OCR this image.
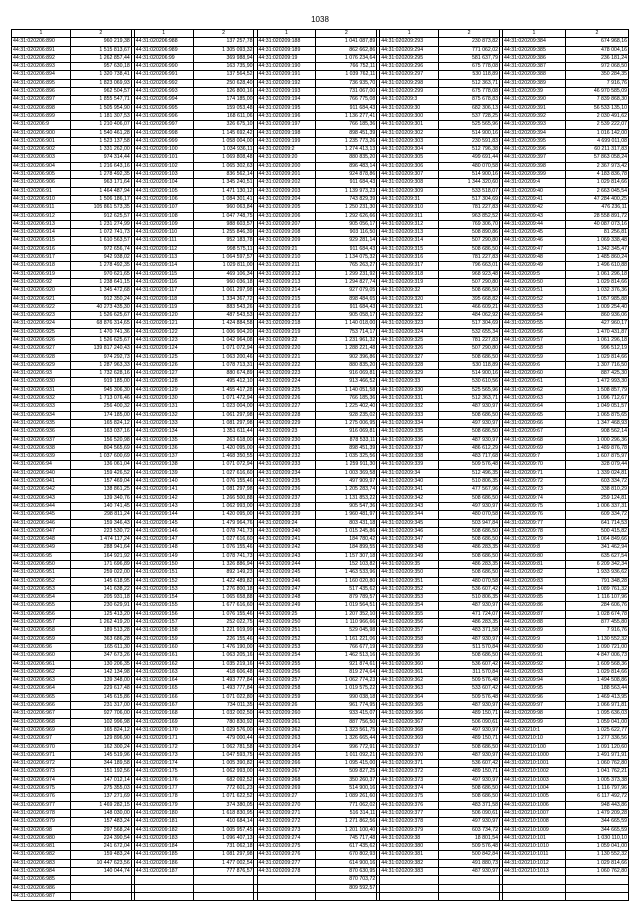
1038
1	2		1	2		1	2		1	2		1	2
44:31:020206:890	960 219,38		44:31:020206:988	137 257,78		44:31:020209:188	1 041 087,89		44:31:020209:293	230 873,82		44:31:020209:384	674 968,16
44:31:020206:891	1 515 813,67		44:31:020206:989	1 305 093,32		44:31:020209:189	862 662,86		44:31:020209:294	771 062,02		44:31:020209:385	478 004,16
44:31:020206:892	1 262 857,44		44:31:020206:99	369 988,94		44:31:020209:19	1 076 234,64		44:31:020209:295	581 637,79		44:31:020209:386	236 181,24
44:31:020206:893	957 630,18		44:31:020206:990	163 735,90		44:31:020209:190	766 752,11		44:31:020209:296	675 778,08		44:31:020209:387	972 068,50
44:31:020206:894	1 320 738,41		44:31:020206:991	137 564,52		44:31:020209:191	1 039 762,11		44:31:020209:297	530 118,89		44:31:020209:388	350 284,35
44:31:020206:895	1 823 069,93		44:31:020206:992	250 628,40		44:31:020209:192	736 935,70		44:31:020209:298	512 363,71		44:31:020209:389	7 916,76
44:31:020206:896	962 504,57		44:31:020206:993	126 800,16		44:31:020209:193	731 067,00		44:31:020209:299	675 778,08		44:31:020209:39	46 970 585,09
44:31:020206:897	1 855 547,71		44:31:020206:994	174 185,00		44:31:020209:194	766 775,08		44:31:020209:3	875 678,83		44:31:020209:390	7 839 868,30
44:31:020206:898	1 505 954,90		44:31:020206:995	159 053,48		44:31:020209:195	911 684,43		44:31:020209:30	682 306,13		44:31:020209:391	56 533 135,10
44:31:020206:899	1 181 307,53		44:31:020206:996	168 611,06		44:31:020209:196	1 136 277,41		44:31:020209:300	537 728,25		44:31:020209:392	2 030 491,62
44:31:020206:9	1 210 406,07		44:31:020206:997	326 675,10		44:31:020209:197	766 185,36		44:31:020209:301	525 565,96		44:31:020209:393	2 539 222,07
44:31:020206:900	1 540 461,28		44:31:020206:998	1 145 692,42		44:31:020209:198	898 451,39		44:31:020209:302	514 900,16		44:31:020209:394	1 016 142,00
44:31:020206:901	1 523 137,58		44:31:020206:999	1 058 004,00		44:31:020209:199	1 235 773,26		44:31:020209:303	230 591,83		44:31:020209:395	4 699 011,08
44:31:020206:902	1 331 262,00		44:31:020209:100	1 034 936,11		44:31:020209:2	1 274 413,13		44:31:020209:304	512 796,38		44:31:020209:396	60 211 317,83
44:31:020206:903	974 314,44		44:31:020209:101	1 069 808,48		44:31:020209:20	880 835,20		44:31:020209:305	499 691,44		44:31:020209:397	57 863 058,24
44:31:020206:904	1 216 643,16		44:31:020209:102	1 065 302,63		44:31:020209:200	896 483,14		44:31:020209:306	480 070,58		44:31:020209:398	2 367 973,42
44:31:020206:905	1 278 492,35		44:31:020209:103	836 562,14		44:31:020209:201	924 878,86		44:31:020209:307	514 900,16		44:31:020209:399	4 183 836,78
44:31:020206:906	963 171,64		44:31:020209:104	1 345 240,51		44:31:020209:202	911 684,43		44:31:020209:308	1 344 320,60		44:31:020209:4	1 029 814,66
44:31:020206:91	1 464 487,94		44:31:020209:105	1 471 130,12		44:31:020209:203	1 139 973,23		44:31:020209:309	533 518,07		44:31:020209:40	2 663 045,54
44:31:020206:910	1 506 186,17		44:31:020209:106	1 084 301,41		44:31:020209:204	743 829,39		44:31:020209:31	517 304,69		44:31:020209:41	47 284 400,25
44:31:020206:911	105 861 573,35		44:31:020209:107	960 063,84		44:31:020209:205	1 250 231,30		44:31:020209:310	781 227,83		44:31:020209:42	476 236,11
44:31:020206:912	912 625,57		44:31:020209:108	1 047 748,75		44:31:020209:206	1 292 626,66		44:31:020209:311	963 852,52		44:31:020209:43	28 558 891,72
44:31:020206:913	1 231 274,99		44:31:020209:109	988 603,57		44:31:020209:207	905 056,17		44:31:020209:312	769 306,70		44:31:020209:44	40 087 073,16
44:31:020206:914	1 072 741,73		44:31:020209:110	1 255 846,39		44:31:020209:208	903 116,50		44:31:020209:313	508 890,86		44:31:020209:45	81 256,81
44:31:020206:915	1 610 563,57		44:31:020209:111	952 183,78		44:31:020209:209	929 281,14		44:31:020209:314	507 290,80		44:31:020209:46	1 069 338,48
44:31:020206:916	972 656,74		44:31:020209:112	998 575,11		44:31:020209:21	911 684,43		44:31:020209:315	508 686,50		44:31:020209:47	1 342 345,47
44:31:020206:917	942 938,02		44:31:020209:113	1 064 597,57		44:31:020209:210	1 134 075,32		44:31:020209:316	781 227,83		44:31:020209:48	1 485 860,24
44:31:020206:918	1 278 492,35		44:31:020209:114	1 029 811,00		44:31:020209:211	765 263,27		44:31:020209:317	796 663,01		44:31:020209:49	1 496 610,88
44:31:020206:919	970 621,65		44:31:020209:115	469 106,34		44:31:020209:212	1 299 231,92		44:31:020209:318	968 923,48		44:31:020209:5	1 061 296,18
44:31:020206:92	1 238 641,15		44:31:020209:116	960 036,18		44:31:020209:213	1 294 827,74		44:31:020209:319	507 290,80		44:31:020209:50	1 029 814,66
44:31:020206:920	1 345 472,68		44:31:020209:117	1 061 297,98		44:31:020209:214	927 079,05		44:31:020209:32	508 686,50		44:31:020209:51	1 032 376,36
44:31:020206:921	912 350,24		44:31:020209:118	1 334 367,72		44:31:020209:215	898 484,65		44:31:020209:320	395 668,82		44:31:020209:52	1 057 985,88
44:31:020206:922	40 273 435,30		44:31:020209:119	883 543,26		44:31:020209:216	911 684,43		44:31:020209:321	466 609,21		44:31:020209:53	1 009 254,40
44:31:020206:923	1 526 625,67		44:31:020209:120	487 543,53		44:31:020209:217	905 058,17		44:31:020209:322	484 062,92		44:31:020209:54	860 936,06
44:31:020206:924	68 876 314,65		44:31:020209:121	1 424 884,58		44:31:020209:218	1 140 018,00		44:31:020209:323	517 304,69		44:31:020209:55	427 960,17
44:31:020206:925	1 470 741,36		44:31:020209:122	1 006 904,20		44:31:020209:219	753 714,17		44:31:020209:324	532 655,34		44:31:020209:56	1 470 431,87
44:31:020206:926	1 526 625,67		44:31:020209:123	1 042 964,08		44:31:020209:22	1 231 961,32		44:31:020209:325	781 227,83		44:31:020209:57	1 061 296,18
44:31:020206:927	139 817 240,43		44:31:020209:124	1 071 072,94		44:31:020209:220	1 288 221,48		44:31:020209:326	507 290,80		44:31:020209:58	996 512,19
44:31:020206:928	974 292,73		44:31:020209:125	1 063 200,46		44:31:020209:221	902 396,86		44:31:020209:327	508 686,50		44:31:020209:59	1 029 814,66
44:31:020206:929	1 287 963,33		44:31:020209:126	1 078 713,31		44:31:020209:222	880 835,20		44:31:020209:328	530 118,89		44:31:020209:6	1 307 716,50
44:31:020206:93	1 732 628,16		44:31:020209:127	880 674,89		44:31:020209:223	916 069,81		44:31:020209:329	514 900,16		44:31:020209:60	887 425,30
44:31:020206:930	919 185,00		44:31:020209:128	495 412,10		44:31:020209:224	913 466,52		44:31:020209:33	530 610,56		44:31:020209:61	1 472 993,30
44:31:020206:931	945 306,30		44:31:020209:129	1 455 417,28		44:31:020209:225	1 140 051,58		44:31:020209:330	525 565,96		44:31:020209:62	1 508 857,79
44:31:020206:932	1 713 076,46		44:31:020209:130	1 071 472,94		44:31:020209:226	766 185,36		44:31:020209:331	512 363,71		44:31:020209:63	1 096 712,67
44:31:020206:933	256 400,32		44:31:020209:131	1 023 004,00		44:31:020209:227	1 225 402,40		44:31:020209:332	487 930,97		44:31:020209:64	1 049 051,57
44:31:020206:934	174 185,00		44:31:020209:132	1 061 297,98		44:31:020209:228	928 235,02		44:31:020209:333	508 686,50		44:31:020209:65	1 065 875,65
44:31:020206:935	165 824,12		44:31:020209:133	1 081 297,98		44:31:020209:229	1 275 006,95		44:31:020209:334	497 930,97		44:31:020209:66	1 347 468,93
44:31:020206:936	163 037,16		44:31:020209:134	1 351 611,44		44:31:020209:23	916 069,81		44:31:020209:335	508 686,50		44:31:020209:67	908 562,14
44:31:020206:937	156 520,98		44:31:020209:135	263 618,00		44:31:020209:230	878 533,11		44:31:020209:336	487 930,97		44:31:020209:68	1 000 296,36
44:31:020206:938	804 565,69		44:31:020209:136	1 420 095,00		44:31:020209:231	898 451,39		44:31:020209:337	486 612,29		44:31:020209:69	1 489 876,78
44:31:020206:939	1 037 600,69		44:31:020209:137	1 468 350,55		44:31:020209:232	1 035 325,56		44:31:020209:338	483 717,68		44:31:020209:7	1 607 875,97
44:31:020206:94	136 061,04		44:31:020209:138	1 071 072,94		44:31:020209:233	1 259 911,30		44:31:020209:339	509 576,48		44:31:020209:70	328 079,44
44:31:020206:940	159 426,52		44:31:020209:139	1 027 616,60		44:31:020209:234	1 003 369,58		44:31:020209:34	512 496,35		44:31:020209:71	1 339 024,81
44:31:020206:941	157 469,04		44:31:020209:140	1 076 155,46		44:31:020209:235	497 909,97		44:31:020209:340	510 806,35		44:31:020209:72	603 334,72
44:31:020206:942	138 861,25		44:31:020209:141	1 081 297,98		44:31:020209:236	1 205 283,74		44:31:020209:341	477 567,96		44:31:020209:73	338 810,29
44:31:020206:943	139 340,76		44:31:020209:142	1 266 500,88		44:31:020209:237	1 131 853,22		44:31:020209:342	508 686,50		44:31:020209:74	259 124,81
44:31:020206:944	140 741,45		44:31:020209:143	1 062 993,00		44:31:020209:238	905 547,36		44:31:020209:343	497 930,97		44:31:020209:75	1 006 337,31
44:31:020206:945	298 811,24		44:31:020209:144	1 420 095,00		44:31:020209:239	1 960 481,97		44:31:020209:344	480 070,58		44:31:020209:76	609 334,72
44:31:020206:946	159 346,43		44:31:020209:145	1 479 964,76		44:31:020209:24	803 431,18		44:31:020209:345	503 947,84		44:31:020209:77	641 714,53
44:31:020206:947	223 530,72		44:31:020209:146	1 078 741,73		44:31:020209:240	1 015 245,86		44:31:020209:346	508 686,50		44:31:020209:78	500 415,82
44:31:020206:948	1 474 117,24		44:31:020209:147	1 027 616,60		44:31:020209:241	184 780,42		44:31:020209:347	508 686,50		44:31:020209:79	1 064 849,66
44:31:020206:949	288 941,64		44:31:020209:148	1 076 155,46		44:31:020209:242	184 899,55		44:31:020209:348	486 283,35		44:31:020209:8	341 462,94
44:31:020206:95	164 921,92		44:31:020209:149	1 078 741,73		44:31:020209:243	1 157 307,18		44:31:020209:349	508 686,50		44:31:020209:80	635 627,54
44:31:020206:950	171 696,89		44:31:020209:150	1 326 886,94		44:31:020209:244	152 103,82		44:31:020209:35	486 283,35		44:31:020209:81	6 209 342,34
44:31:020206:951	259 022,00		44:31:020209:151	892 149,23		44:31:020209:245	1 463 533,96		44:31:020209:350	508 686,50		44:31:020209:82	1 933 936,62
44:31:020206:952	145 618,95		44:31:020209:152	1 422 489,82		44:31:020209:246	1 160 020,80		44:31:020209:351	480 070,58		44:31:020209:83	791 348,28
44:31:020206:953	141 638,22		44:31:020209:153	1 276 800,18		44:31:020209:247	517 435,62		44:31:020209:352	536 607,42		44:31:020209:84	1 089 761,32
44:31:020206:954	205 931,18		44:31:020209:154	1 065 658,88		44:31:020209:248	879 789,57		44:31:020209:353	510 806,35		44:31:020209:85	1 116 107,96
44:31:020206:955	230 629,91		44:31:020209:155	1 677 616,60		44:31:020209:249	1 019 564,51		44:31:020209:354	487 930,97		44:31:020209:86	284 606,76
44:31:020206:956	125 413,20		44:31:020209:156	1 076 155,46		44:31:020209:25	1 207 352,10		44:31:020209:355	471 724,07		44:31:020209:87	1 028 674,78
44:31:020206:957	1 262 419,20		44:31:020209:157	252 022,75		44:31:020209:250	1 110 966,66		44:31:020209:356	486 283,35		44:31:020209:88	877 455,80
44:31:020206:958	189 513,28		44:31:020209:158	1 221 919,99		44:31:020209:251	529 045,98		44:31:020209:357	483 371,58		44:31:020209:89	7 916,76
44:31:020206:959	363 686,28		44:31:020209:159	226 155,46		44:31:020209:252	1 161 221,06		44:31:020209:358	487 930,97		44:31:020209:9	1 130 552,32
44:31:020206:96	165 611,30		44:31:020209:160	1 476 190,00		44:31:020209:253	766 677,19		44:31:020209:359	511 570,84		44:31:020209:90	1 090 721,00
44:31:020206:960	347 673,26		44:31:020209:161	1 063 205,16		44:31:020209:254	1 462 513,16		44:31:020209:36	508 686,50		44:31:020209:91	4 847 006,73
44:31:020206:961	130 206,35		44:31:020209:162	1 035 219,16		44:31:020209:255	921 874,61		44:31:020209:360	536 607,42		44:31:020209:92	1 609 568,36
44:31:020206:962	142 134,98		44:31:020209:163	418 606,48		44:31:020209:256	819 274,64		44:31:020209:361	311 570,84		44:31:020209:93	1 029 814,66
44:31:020206:963	139 348,00		44:31:020209:164	1 493 777,84		44:31:020209:257	1 062 774,23		44:31:020209:362	509 576,48		44:31:020209:94	1 494 508,86
44:31:020206:964	229 617,48		44:31:020209:165	1 493 777,84		44:31:020209:258	1 019 575,22		44:31:020209:363	533 607,42		44:31:020209:95	188 563,44
44:31:020206:965	145 615,86		44:31:020209:166	1 071 022,80		44:31:020209:259	990 038,18		44:31:020209:364	509 576,48		44:31:020209:96	1 469 413,95
44:31:020206:966	231 317,00		44:31:020209:167	734 011,35		44:31:020209:26	961 774,95		44:31:020209:365	487 930,97		44:31:020209:97	1 066 971,81
44:31:020206:967	927 706,00		44:31:020209:168	1 032 002,50		44:31:020209:260	933 415,07		44:31:020209:366	489 150,71		44:31:020209:98	1 095 636,03
44:31:020206:968	102 996,98		44:31:020209:169	780 830,92		44:31:020209:261	887 756,50		44:31:020209:367	506 090,61		44:31:020209:99	1 059 041,00
44:31:020206:969	165 824,12		44:31:020209:170	1 029 576,00		44:31:020209:262	1 323 561,75		44:31:020209:368	497 930,97		44:31:020210:1	1 025 622,77
44:31:020206:97	129 896,90		44:31:020209:171	479 000,44		44:31:020209:263	1 326 665,44		44:31:020209:369	489 150,71		44:31:020210:10	1 277 336,56
44:31:020206:970	162 300,24		44:31:020209:172	1 062 781,58		44:31:020209:264	996 772,91		44:31:020209:37	508 686,50		44:31:020210:100	1 091 120,60
44:31:020206:971	145 519,96		44:31:020209:173	1 047 593,75		44:31:020209:265	1 011 092,21		44:31:020209:370	487 930,97		44:31:020210:1000	1 491 971,91
44:31:020206:972	344 189,58		44:31:020209:174	1 005 390,82		44:31:020209:266	1 095 415,00		44:31:020209:371	536 607,42		44:31:020210:1001	1 060 762,80
44:31:020206:973	151 192,56		44:31:020209:175	1 062 993,00		44:31:020209:267	509 827,25		44:31:020209:372	489 150,71		44:31:020210:1002	1 041 762,21
44:31:020206:974	147 012,14		44:31:020209:176	682 092,52		44:31:020209:268	350 260,37		44:31:020209:373	497 930,97		44:31:020210:1003	1 005 373,38
44:31:020206:975	275 355,03		44:31:020209:177	772 601,23		44:31:020209:269	514 900,16		44:31:020209:374	508 686,50		44:31:020210:1004	1 116 797,96
44:31:020206:976	137 271,69		44:31:020209:178	1 071 622,52		44:31:020209:27	1 089 261,60		44:31:020209:375	508 686,50		44:31:020210:1005	6 117 492,72
44:31:020206:977	1 469 282,15		44:31:020209:179	374 380,05		44:31:020209:270	771 062,02		44:31:020209:376	483 371,58		44:31:020210:1006	948 443,86
44:31:020206:978	148 030,00		44:31:020209:180	1 618 830,95		44:31:020209:271	516 314,11		44:31:020209:377	506 090,61		44:31:020210:1007	1 479 209,28
44:31:020206:979	157 483,24		44:31:020209:181	410 684,14		44:31:020209:272	1 271 862,56		44:31:020209:378	497 930,97		44:31:020210:1008	344 665,59
44:31:020206:98	297 568,24		44:31:020209:182	1 005 957,45		44:31:020209:273	1 201 100,40		44:31:020209:379	603 734,72		44:31:020210:1009	344 665,59
44:31:020206:980	224 390,54		44:31:020209:183	1 096 407,13		44:31:020209:274	745 717,48		44:31:020209:38	18 801,54		44:31:020210:101	1 030 110,10
44:31:020206:981	241 672,04		44:31:020209:184	731 062,18		44:31:020209:275	617 435,62		44:31:020209:380	509 576,48		44:31:020210:1010	1 059 041,00
44:31:020206:982	159 483,24		44:31:020209:185	1 081 297,98		44:31:020209:276	670 802,93		44:31:020209:381	500 842,84		44:31:020210:1011	1 130 552,32
44:31:020206:983	10 447 623,56		44:31:020209:186	1 477 002,54		44:31:020209:277	614 900,16		44:31:020209:382	491 880,73		44:31:020210:1012	1 029 814,66
44:31:020206:984	140 044,74		44:31:020209:187	777 876,57		44:31:020209:278	870 630,95		44:31:020209:383	487 930,97		44:31:020210:1013	1 060 762,80
44:31:020206:985							870 703,72						
44:31:020206:986							809 592,57						
44:31:020206:987													
